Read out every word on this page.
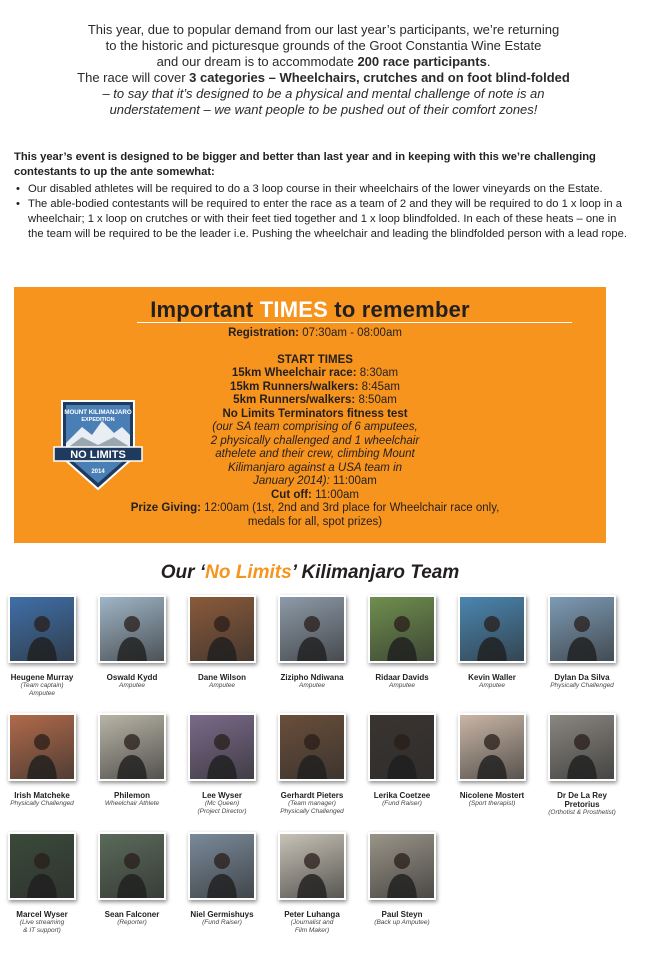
This year, due to popular demand from our last year’s participants, we’re returning

to the historic and picturesque grounds of the Groot Constantia Wine Estate

and our dream is to accommodate 200 race participants.

The race will cover 3 categories – Wheelchairs, crutches and on foot blind-folded

– to say that it’s designed to be a physical and mental challenge of note is an

understatement – we want people to be pushed out of their comfort zones!

This year’s event is designed to be bigger and better than last year and in keeping with this we’re challenging contestants to up the ante somewhat:

• Our disabled athletes will be required to do a 3 loop course in their wheelchairs of the lower vineyards on the Estate.
• The able-bodied contestants will be required to enter the race as a team of 2 and they will be required to do 1 x loop in a wheelchair; 1 x loop on crutches or with their feet tied together and 1 x loop blindfolded. In each of these heats – one in the team will be required to be the leader i.e. Pushing the wheelchair and leading the blindfolded person with a lead rope.
Important TIMES to remember
Registration: 07:30am - 08:00am
START TIMES
15km Wheelchair race: 8:30am
15km Runners/walkers: 8:45am
5km Runners/walkers: 8:50am
No Limits Terminators fitness test
(our SA team comprising of 6 amputees,
2 physically challenged and 1 wheelchair
athelete and their crew, climbing Mount
Kilimanjaro against a USA team in
January 2014): 11:00am
Cut off: 11:00am
Prize Giving: 12:00am (1st, 2nd and 3rd place for Wheelchair race only,
medals for all, spot prizes)
MOUNT KILIMANJARO
EXPEDITION
NO LIMITS
2014
Our ‘No Limits’ Kilimanjaro Team
Heugene Murray
(Team captain)
Amputee
Oswald Kydd
Amputee
Dane Wilson
Amputee
Zizipho Ndiwana
Amputee
Ridaar Davids
Amputee
Kevin Waller
Amputee
Dylan Da Silva
Physically Challenged
Irish Matcheke
Physically Challenged
Philemon
Wheelchair Athlete
Lee Wyser
(Mc Queen)
(Project Director)
Gerhardt Pieters
(Team manager)
Physically Challenged
Lerika Coetzee
(Fund Raiser)
Nicolene Mostert
(Sport therapist)
Dr De La Rey Pretorius
(Orthotist & Prosthetist)
Marcel Wyser
(Live streaming
& IT support)
Sean Falconer
(Reporter)
Niel Germishuys
(Fund Raiser)
Peter Luhanga
(Journalist and
Film Maker)
Paul Steyn
(Back up Amputee)
